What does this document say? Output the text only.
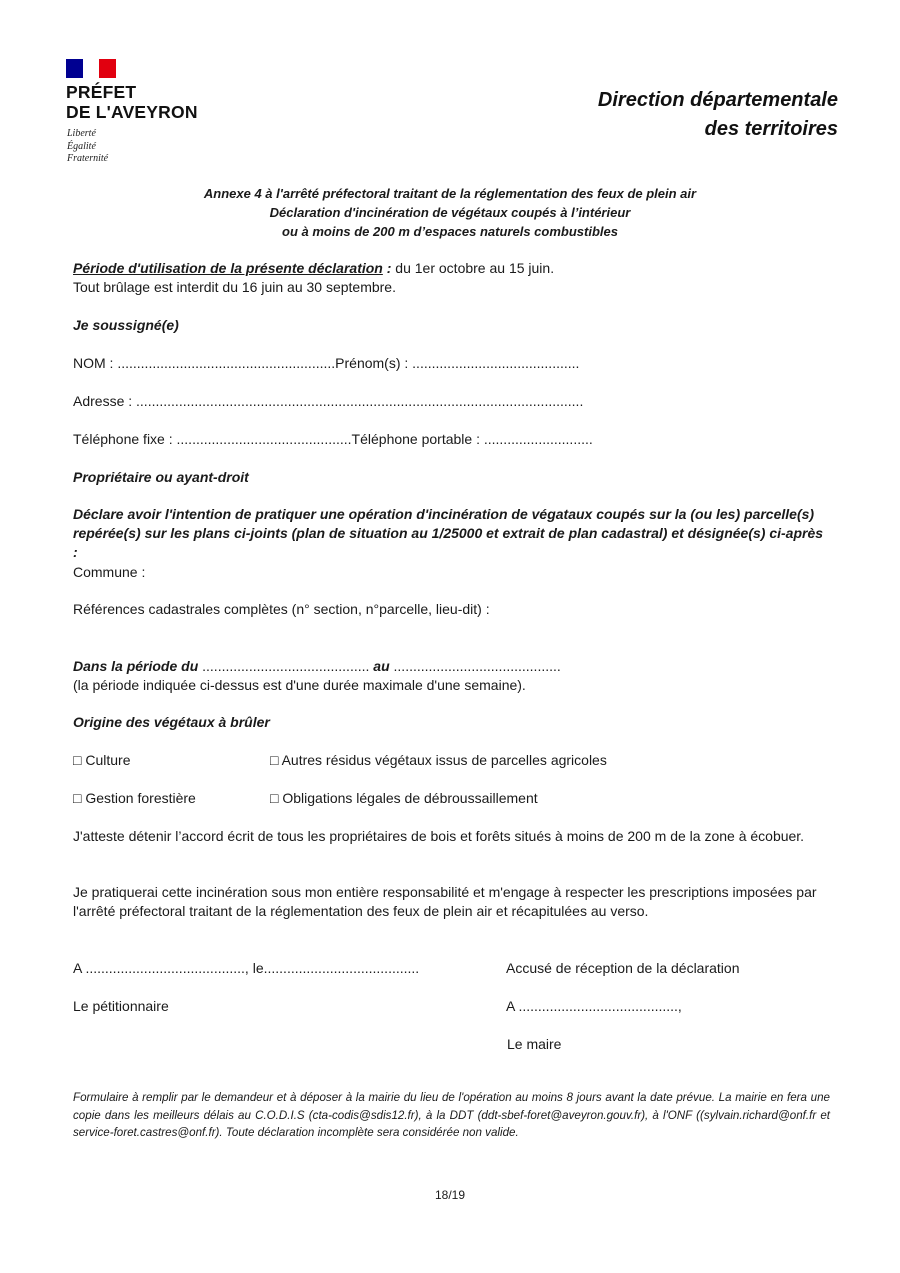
PRÉFET
DE L'AVEYRON
Liberté
Égalité
Fraternité
Direction départementale
des territoires
Annexe 4 à l'arrêté préfectoral traitant de la réglementation des feux de plein air
Déclaration d'incinération de végétaux coupés à l’intérieur
ou à moins de 200 m d’espaces naturels combustibles
Période d'utilisation de la présente déclaration : du 1er octobre au 15 juin.
Tout brûlage est interdit du 16 juin au 30 septembre.
Je soussigné(e)
NOM : ........................................................Prénom(s) : ...........................................
Adresse : ...................................................................................................................
Téléphone fixe : .............................................Téléphone portable : ............................
Propriétaire ou ayant-droit
Déclare avoir l'intention de pratiquer une opération d'incinération de végataux coupés sur la (ou les) parcelle(s) repérée(s) sur les plans ci-joints (plan de situation au 1/25000 et extrait de plan cadastral) et désignée(s) ci-après :
Commune :
Références cadastrales complètes (n° section, n°parcelle, lieu-dit) :
Dans la période du ........................................... au ...........................................
(la période indiquée ci-dessus est d'une durée maximale d'une semaine).
Origine des végétaux à brûler
□ Culture	□ Autres résidus végétaux issus de parcelles agricoles
□ Gestion forestière	□ Obligations légales de débroussaillement
J'atteste détenir l’accord écrit de tous les propriétaires de bois et forêts situés à moins de 200 m de la zone à écobuer.
Je pratiquerai cette incinération sous mon entière responsabilité et m'engage à respecter les prescriptions imposées par l'arrêté préfectoral traitant de la réglementation des feux de plein air et récapitulées au verso.
A ........................................., le........................................
Le pétitionnaire
Accusé de réception de la déclaration
A .........................................,
Le maire
Formulaire à remplir par le demandeur et à déposer à la mairie du lieu de l'opération au moins 8 jours avant la date prévue. La mairie en fera une copie dans les meilleurs délais au C.O.D.I.S (cta-codis@sdis12.fr), à la DDT (ddt-sbef-foret@aveyron.gouv.fr), à l'ONF ((sylvain.richard@onf.fr et service-foret.castres@onf.fr). Toute déclaration incomplète sera considérée non valide.
18/19
